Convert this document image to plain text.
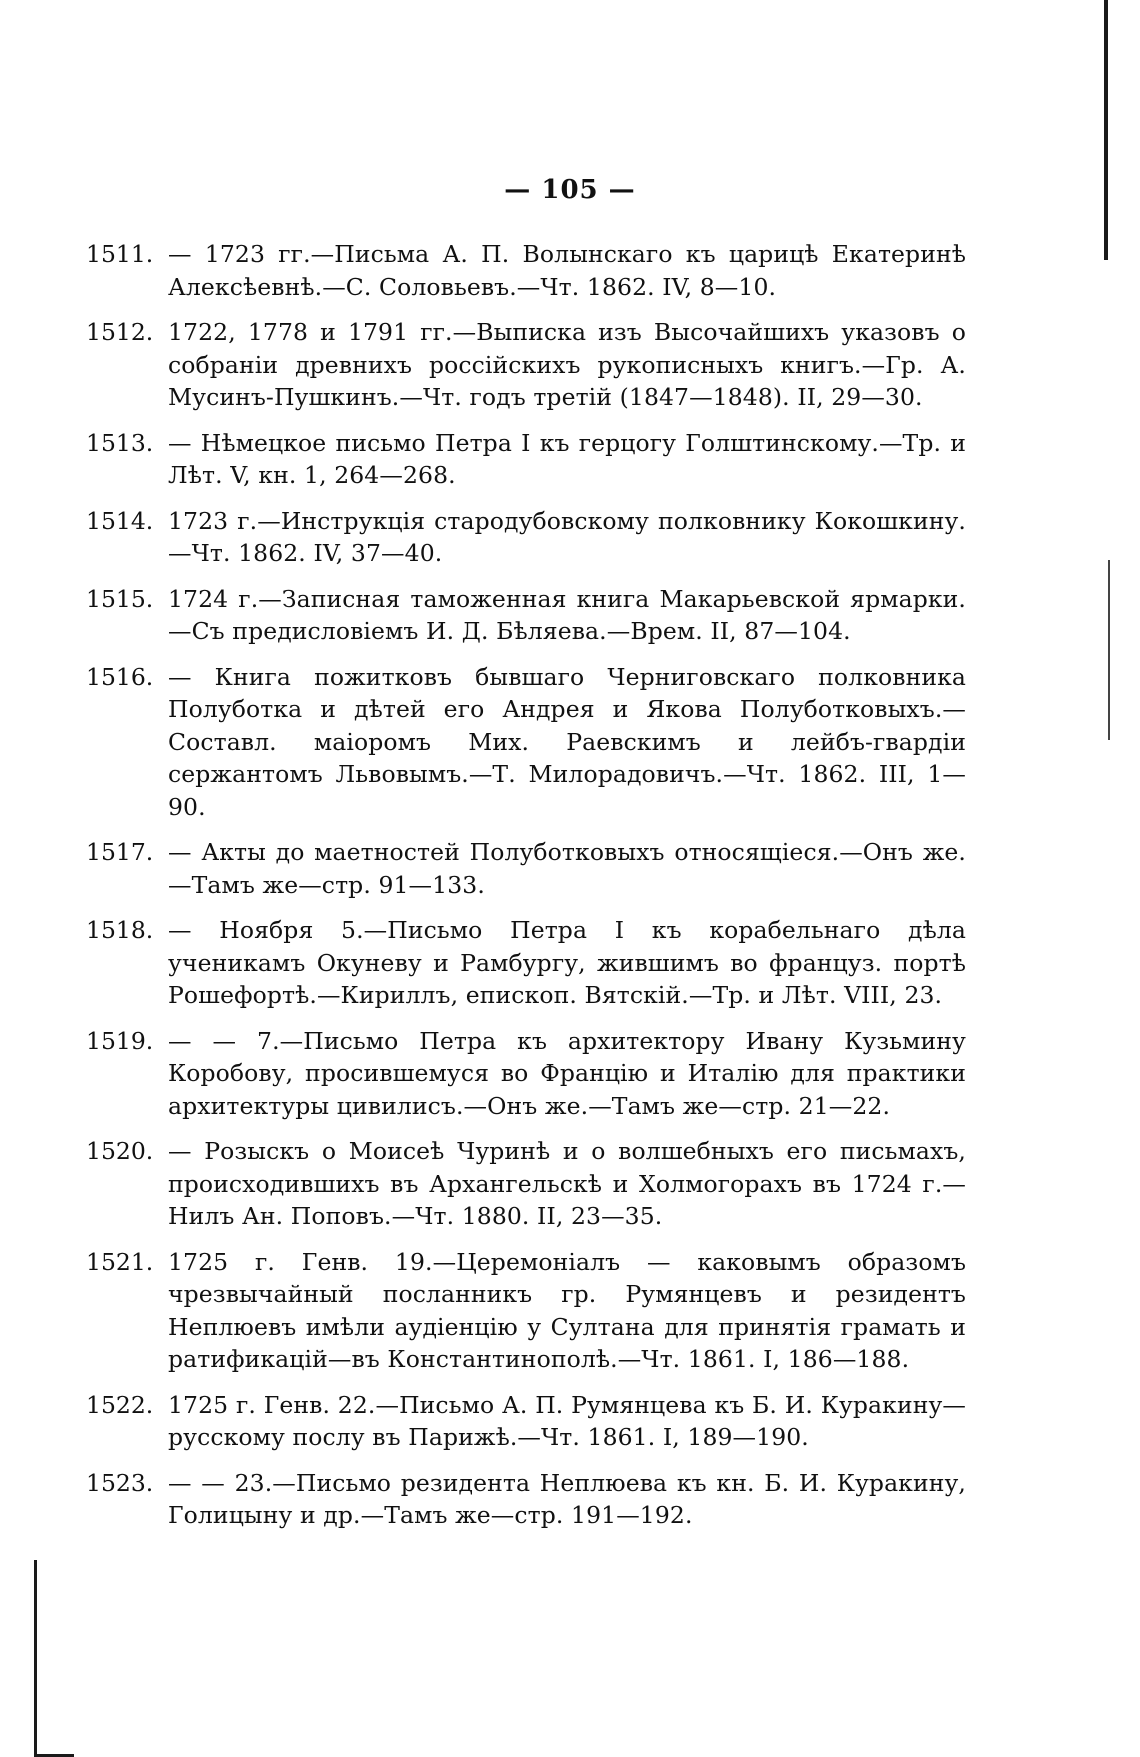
— 105 —
1511. — 1723 гг.—Письма А. П. Волынскаго къ царицѣ Екатеринѣ Алексѣевнѣ.—С. Соловьевъ.—Чт. 1862. IV, 8—10.
1512. 1722, 1778 и 1791 гг.—Выписка изъ Высочайшихъ указовъ о собраніи древнихъ россійскихъ рукописныхъ книгъ.—Гр. А. Мусинъ-Пушкинъ.—Чт. годъ третій (1847—1848). II, 29—30.
1513. — Нѣмецкое письмо Петра I къ герцогу Голштинскому.—Тр. и Лѣт. V, кн. 1, 264—268.
1514. 1723 г.—Инструкція стародубовскому полковнику Кокошкину.—Чт. 1862. IV, 37—40.
1515. 1724 г.—Записная таможенная книга Макарьевской ярмарки.—Съ предисловіемъ И. Д. Бѣляева.—Врем. II, 87—104.
1516. — Книга пожитковъ бывшаго Черниговскаго полковника Полуботка и дѣтей его Андрея и Якова Полуботковыхъ.—Составл. маіоромъ Мих. Раевскимъ и лейбъ-гвардіи сержантомъ Львовымъ.—Т. Милорадовичъ.—Чт. 1862. III, 1—90.
1517. — Акты до маетностей Полуботковыхъ относящіеся.—Онъ же.—Тамъ же—стр. 91—133.
1518. — Ноября 5.—Письмо Петра I къ корабельнаго дѣла ученикамъ Окуневу и Рамбургу, жившимъ во француз. портѣ Рошефортѣ.—Кириллъ, епископ. Вятскій.—Тр. и Лѣт. VIII, 23.
1519. — — 7.—Письмо Петра къ архитектору Ивану Кузьмину Коробову, просившемуся во Францію и Италію для практики архитектуры цивилисъ.—Онъ же.—Тамъ же—стр. 21—22.
1520. — Розыскъ о Моисеѣ Чуринѣ и о волшебныхъ его письмахъ, происходившихъ въ Архангельскѣ и Холмогорахъ въ 1724 г.—Нилъ Ан. Поповъ.—Чт. 1880. II, 23—35.
1521. 1725 г. Генв. 19.—Церемоніалъ — каковымъ образомъ чрезвычайный посланникъ гр. Румянцевъ и резидентъ Неплюевъ имѣли аудіенцію у Султана для принятія грамать и ратификацій—въ Константинополѣ.—Чт. 1861. I, 186—188.
1522. 1725 г. Генв. 22.—Письмо А. П. Румянцева къ Б. И. Куракину—русскому послу въ Парижѣ.—Чт. 1861. I, 189—190.
1523. — — 23.—Письмо резидента Неплюева къ кн. Б. И. Куракину, Голицыну и др.—Тамъ же—стр. 191—192.
